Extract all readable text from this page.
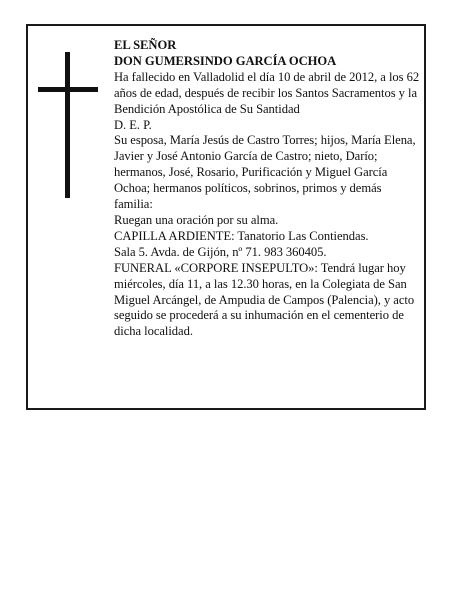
EL SEÑOR

DON GUMERSINDO GARCÍA OCHOA

Ha fallecido en Valladolid el día 10 de abril de 2012, a los 62 años de edad, después de recibir los Santos Sacramentos y la Bendición Apostólica de Su Santidad

D. E. P.

Su esposa, María Jesús de Castro Torres; hijos, María Elena, Javier y José Antonio García de Castro; nieto, Darío; hermanos, José, Rosario, Purificación y Miguel García Ochoa; hermanos políticos, sobrinos, primos y demás familia:

Ruegan una oración por su alma.

CAPILLA ARDIENTE: Tanatorio Las Contiendas.

Sala 5. Avda. de Gijón, nº 71. 983 360405.

FUNERAL «CORPORE INSEPULTO»: Tendrá lugar hoy miércoles, día 11, a las 12.30 horas, en la Colegiata de San Miguel Arcángel, de Ampudia de Campos (Palencia), y acto seguido se procederá a su inhumación en el cementerio de dicha localidad.
